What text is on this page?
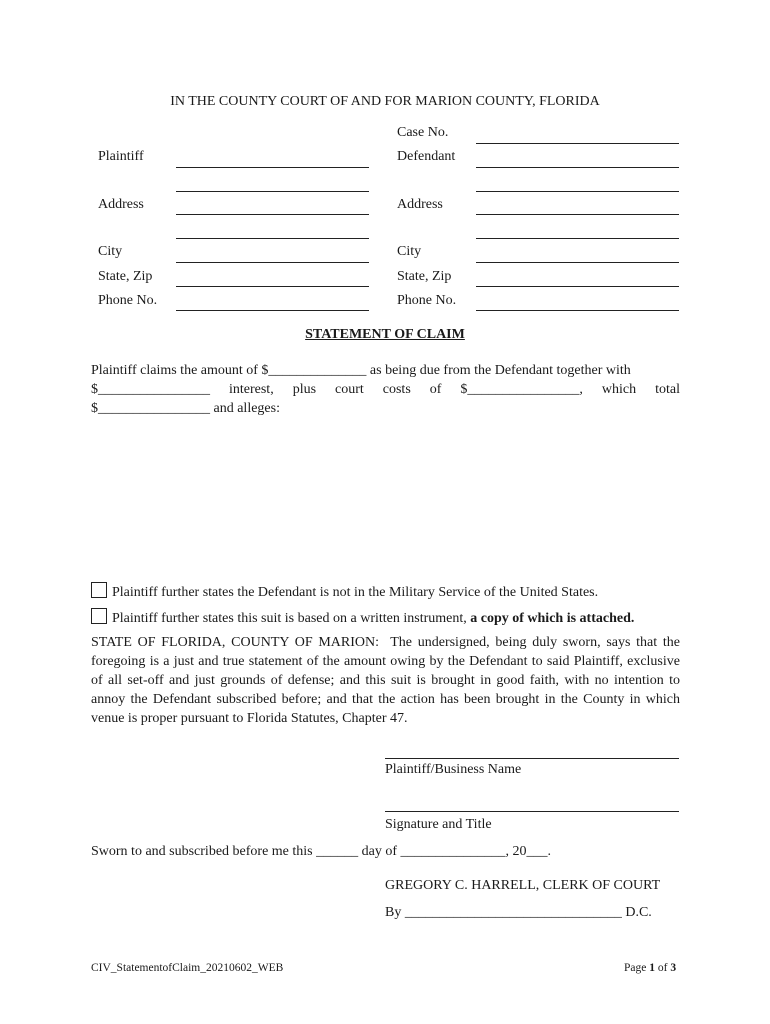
IN THE COUNTY COURT OF AND FOR MARION COUNTY, FLORIDA
Case No.
Plaintiff
Address
City
State, Zip
Phone No.
Defendant
Address
City
State, Zip
Phone No.
STATEMENT OF CLAIM
Plaintiff claims the amount of $______________ as being due from the Defendant together with
$________________ interest, plus court costs of $________________, which total
$________________ and alleges:
Plaintiff further states the Defendant is not in the Military Service of the United States.
Plaintiff further states this suit is based on a written instrument, a copy of which is attached.
STATE OF FLORIDA, COUNTY OF MARION:  The undersigned, being duly sworn, says that the foregoing is a just and true statement of the amount owing by the Defendant to said Plaintiff, exclusive of all set-off and just grounds of defense; and this suit is brought in good faith, with no intention to annoy the Defendant subscribed before; and that the action has been brought in the County in which venue is proper pursuant to Florida Statutes, Chapter 47.
Plaintiff/Business Name
Signature and Title
Sworn to and subscribed before me this ______ day of _______________, 20___.
GREGORY C. HARRELL, CLERK OF COURT
By _______________________________ D.C.
CIV_StatementofClaim_20210602_WEB	Page 1 of 3
